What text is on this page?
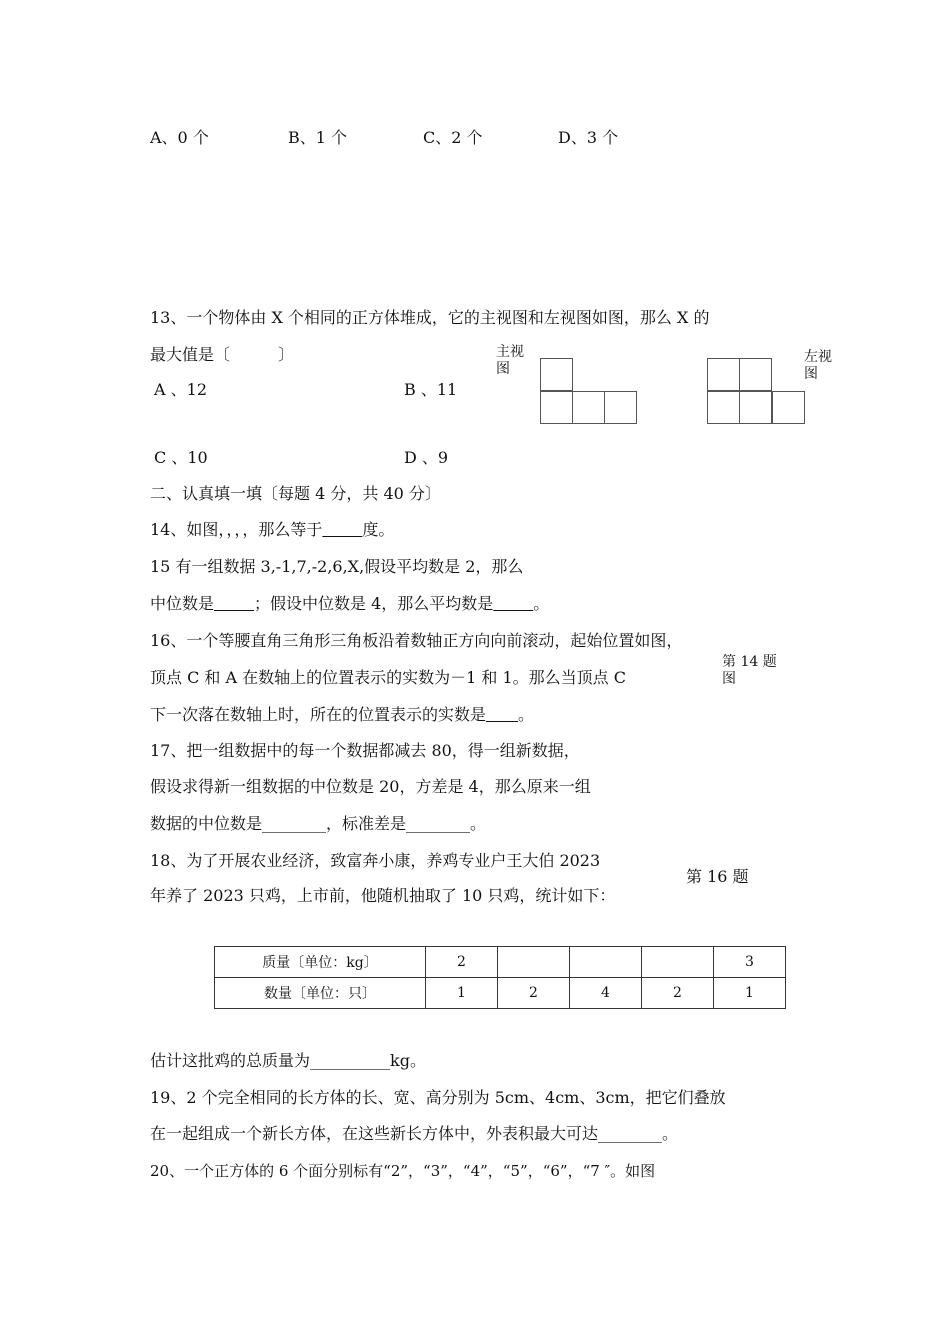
A、0 个	B、1 个	C、2 个	D、3 个
13、一个物体由 X 个相同的正方体堆成，它的主视图和左视图如图，那么 X 的
最大值是〔　　　〕
A 、12	B 、11
C 、10	D 、9
主视
图
左视
图
二、认真填一填〔每题 4 分，共 40 分〕
14、如图，，，，那么等于     	度。
15 有一组数据 3,-1,7,-2,6,X,假设平均数是 2，那么
中位数是     	；假设中位数是 4，那么平均数是     	。
16、一个等腰直角三角形三角板沿着数轴正方向向前滚动，起始位置如图，
顶点 C 和 A 在数轴上的位置表示的实数为－1 和 1。那么当顶点 C
下一次落在数轴上时，所在的位置表示的实数是     。
第 14 题
图
17、把一组数据中的每一个数据都减去 80，得一组新数据，
假设求得新一组数据的中位数是 20，方差是 4，那么原来一组
数据的中位数是________，标准差是________。
18、为了开展农业经济，致富奔小康，养鸡专业户王大伯 2023
年养了 2023 只鸡，上市前，他随机抽取了 10 只鸡，统计如下：
第 16 题
质量〔单位：kg〕	2				3
数量〔单位：只〕	1	2	4	2	1
估计这批鸡的总质量为__________kg。
19、2 个完全相同的长方体的长、宽、高分别为 5cm、4cm、3cm，把它们叠放
在一起组成一个新长方体，在这些新长方体中，外表积最大可达________。
20、一个正方体的 6 个面分别标有“2”，“3”，“4”，“5”，“6”，“7 ″。如图
